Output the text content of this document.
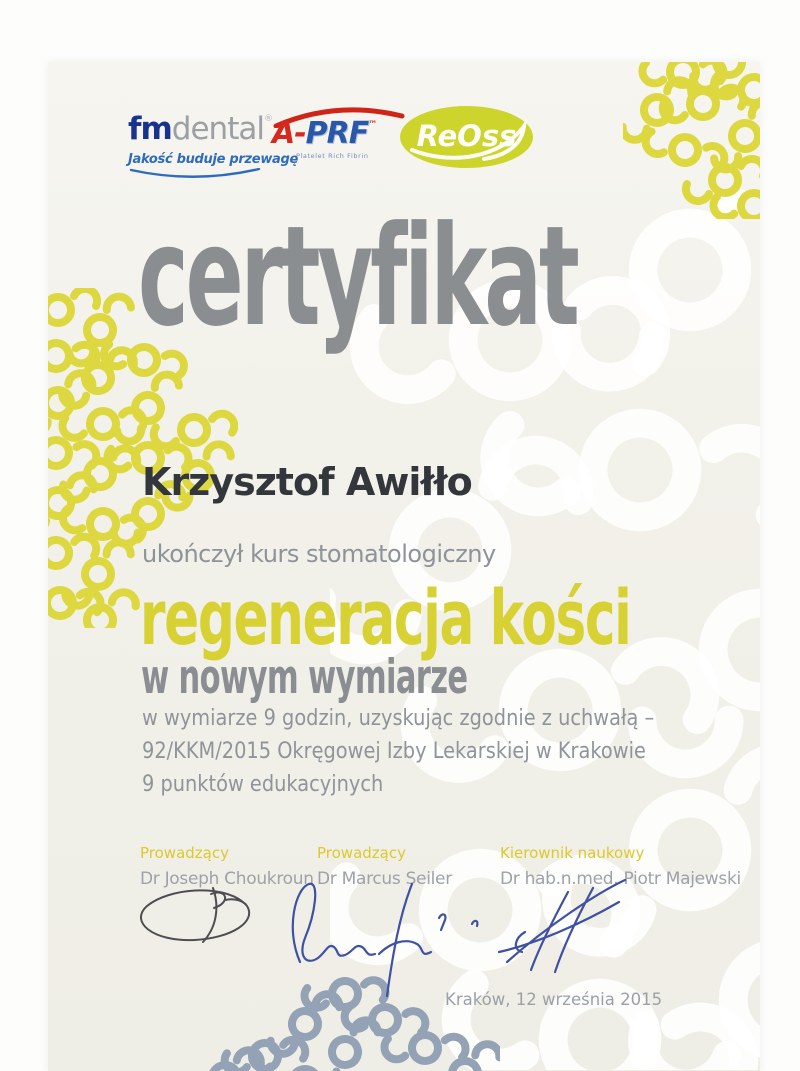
fmdental®
Jakość buduje przewagę
A-PRF™
Platelet Rich Fibrin
ReOss
certyfikat
Krzysztof Awiłło
ukończył kurs stomatologiczny
regeneracja kości
w nowym wymiarze
w wymiarze 9 godzin, uzyskując zgodnie z uchwałą –
92/KKM/2015 Okręgowej Izby Lekarskiej w Krakowie
9 punktów edukacyjnych
Prowadzący
Dr Joseph Choukroun
Prowadzący
Dr Marcus Seiler
Kierownik naukowy
Dr hab.n.med. Piotr Majewski
Kraków, 12 września 2015
